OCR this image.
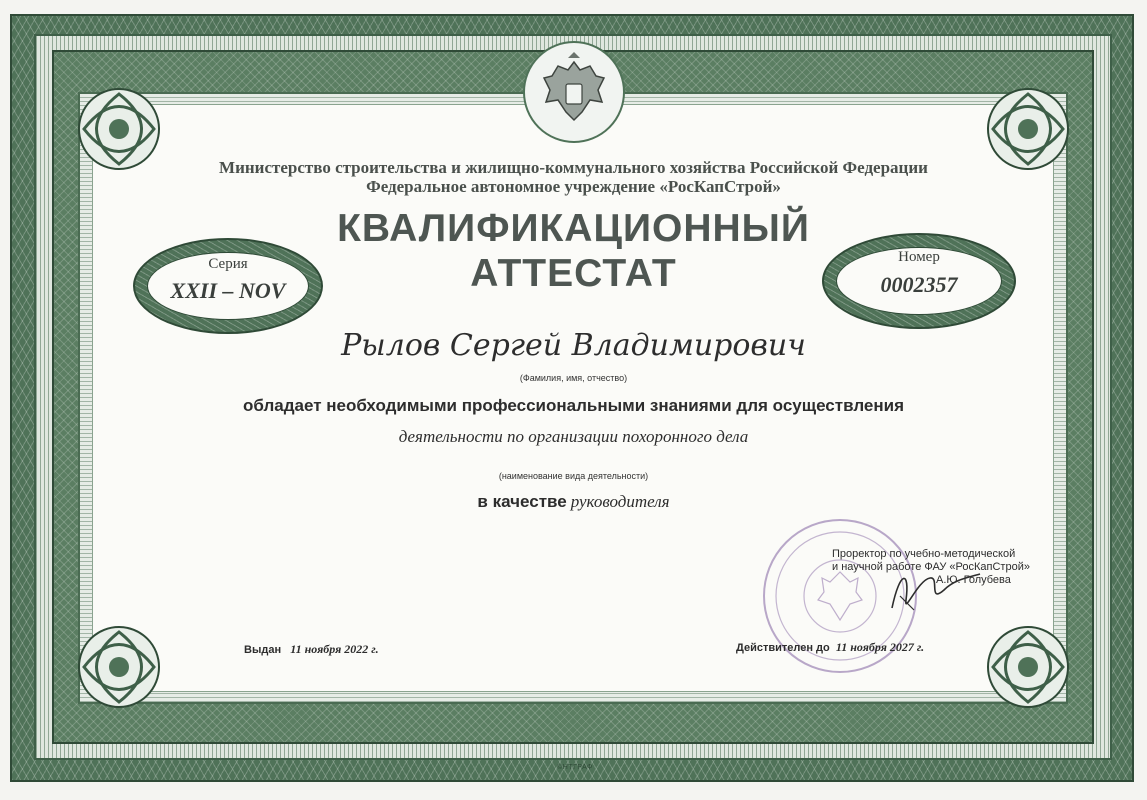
Министерство строительства и жилищно-коммунального хозяйства Российской Федерации
Федеральное автономное учреждение «РосКапСтрой»
КВАЛИФИКАЦИОННЫЙ
АТТЕСТАТ
Серия
XXII – NOV
Номер
0002357
Рылов Сергей Владимирович
(Фамилия, имя, отчество)
обладает необходимыми профессиональными знаниями для осуществления
деятельности по организации похоронного дела
(наименование вида деятельности)
в качестве руководителя
Проректор по учебно-методической
и научной работе ФАУ «РосКапСтрой»
А.Ю. Голубева
Выдан 11 ноября 2022 г.	Действителен до 11 ноября 2027 г.
©НТГРАФ
